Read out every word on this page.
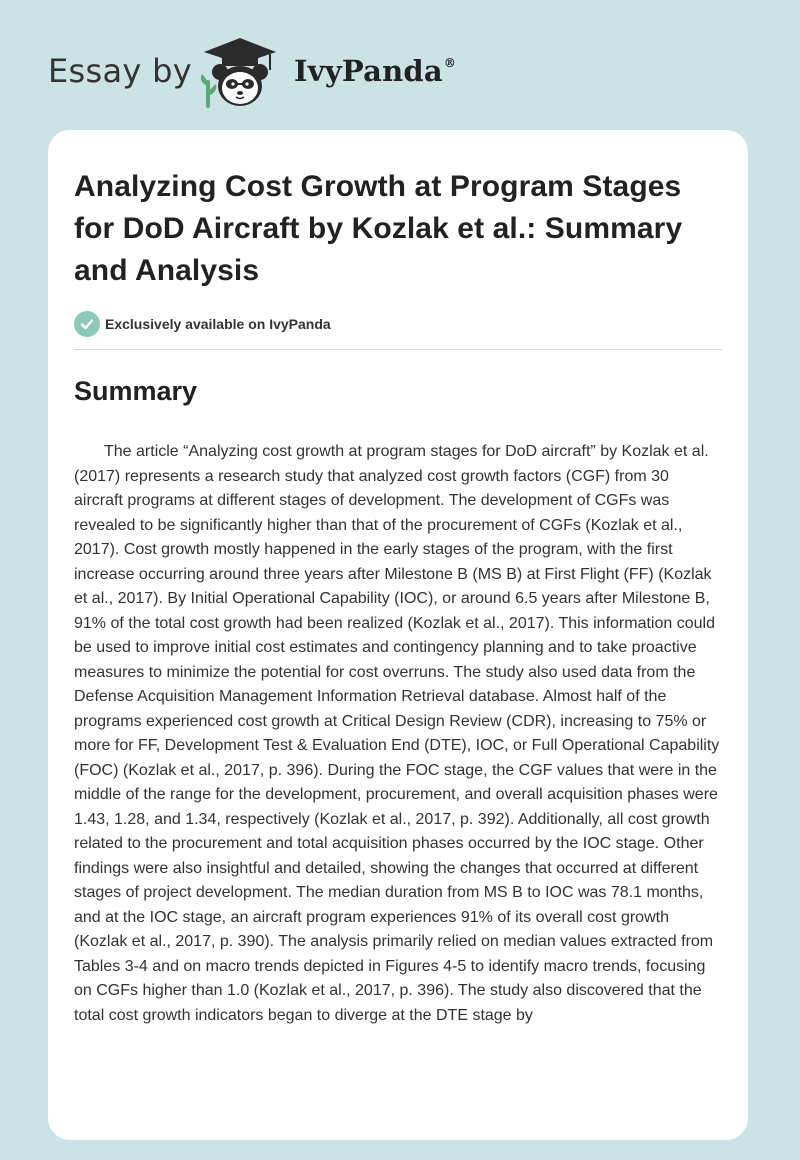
Essay by	IvyPanda®
Analyzing Cost Growth at Program Stages for DoD Aircraft by Kozlak et al.: Summary and Analysis
Exclusively available on IvyPanda
Summary

The article “Analyzing cost growth at program stages for DoD aircraft” by Kozlak et al. (2017) represents a research study that analyzed cost growth factors (CGF) from 30 aircraft programs at different stages of development. The development of CGFs was revealed to be significantly higher than that of the procurement of CGFs (Kozlak et al., 2017). Cost growth mostly happened in the early stages of the program, with the first increase occurring around three years after Milestone B (MS B) at First Flight (FF) (Kozlak et al., 2017). By Initial Operational Capability (IOC), or around 6.5 years after Milestone B, 91% of the total cost growth had been realized (Kozlak et al., 2017). This information could be used to improve initial cost estimates and contingency planning and to take proactive measures to minimize the potential for cost overruns. The study also used data from the Defense Acquisition Management Information Retrieval database. Almost half of the programs experienced cost growth at Critical Design Review (CDR), increasing to 75% or more for FF, Development Test & Evaluation End (DTE), IOC, or Full Operational Capability (FOC) (Kozlak et al., 2017, p. 396). During the FOC stage, the CGF values that were in the middle of the range for the development, procurement, and overall acquisition phases were 1.43, 1.28, and 1.34, respectively (Kozlak et al., 2017, p. 392). Additionally, all cost growth related to the procurement and total acquisition phases occurred by the IOC stage. Other findings were also insightful and detailed, showing the changes that occurred at different stages of project development. The median duration from MS B to IOC was 78.1 months, and at the IOC stage, an aircraft program experiences 91% of its overall cost growth (Kozlak et al., 2017, p. 390). The analysis primarily relied on median values extracted from Tables 3-4 and on macro trends depicted in Figures 4-5 to identify macro trends, focusing on CGFs higher than 1.0 (Kozlak et al., 2017, p. 396). The study also discovered that the total cost growth indicators began to diverge at the DTE stage by
